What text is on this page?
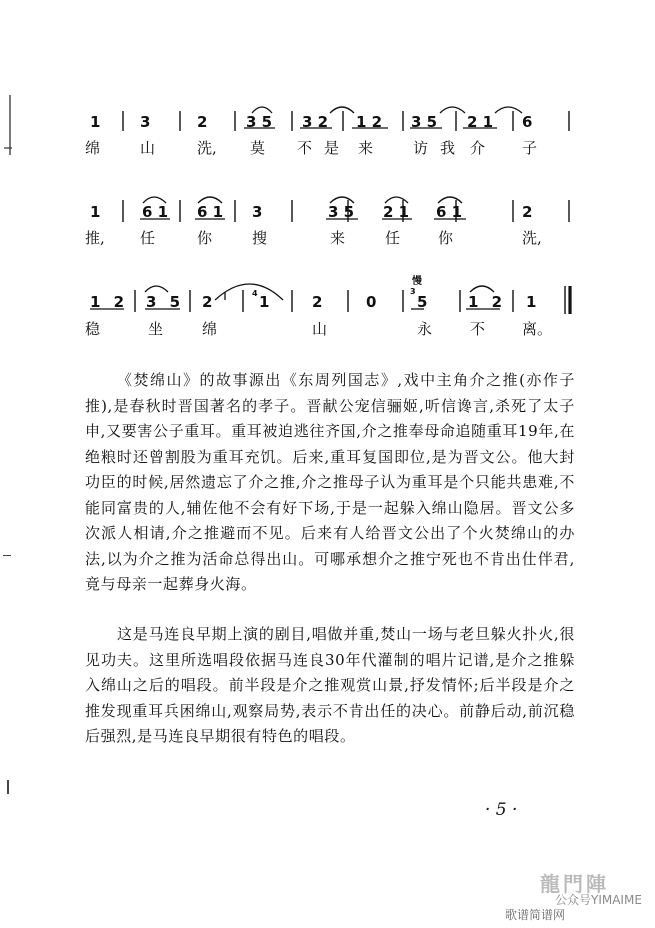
4	3
1	3	2	3 5 3 2 1 2 3 5 2 1 6
绵	山	洗, 莫 不是 来	访我 介 子
1	6 1 6 1 3	3 5 2 1 6 1	2
推, 任	你	搜	来	任	你	洗,
1 2 3 5 2	1	2	0	5	1 2 1
慢
稳	坐	绵	山	永	不 离。

《焚绵山》的故事源出《东周列国志》,戏中主角介之推(亦作子推),是春秋时晋国著名的孝子。晋献公宠信骊姬,听信谗言,杀死了太子申,又要害公子重耳。重耳被迫逃往齐国,介之推奉母命追随重耳19年,在绝粮时还曾割股为重耳充饥。后来,重耳复国即位,是为晋文公。他大封功臣的时候,居然遗忘了介之推,介之推母子认为重耳是个只能共患难,不能同富贵的人,辅佐他不会有好下场,于是一起躲入绵山隐居。晋文公多次派人相请,介之推避而不见。后来有人给晋文公出了个火焚绵山的办法,以为介之推为活命总得出山。可哪承想介之推宁死也不肯出仕伴君,竟与母亲一起葬身火海。

这是马连良早期上演的剧目,唱做并重,焚山一场与老旦躲火扑火,很见功夫。这里所选唱段依据马连良30年代灌制的唱片记谱,是介之推躲入绵山之后的唱段。前半段是介之推观赏山景,抒发情怀;后半段是介之推发现重耳兵困绵山,观察局势,表示不肯出任的决心。前静后动,前沉稳后强烈,是马连良早期很有特色的唱段。

· 5 ·
龍門陣
公众号YIMAIME
歌谱简谱网
